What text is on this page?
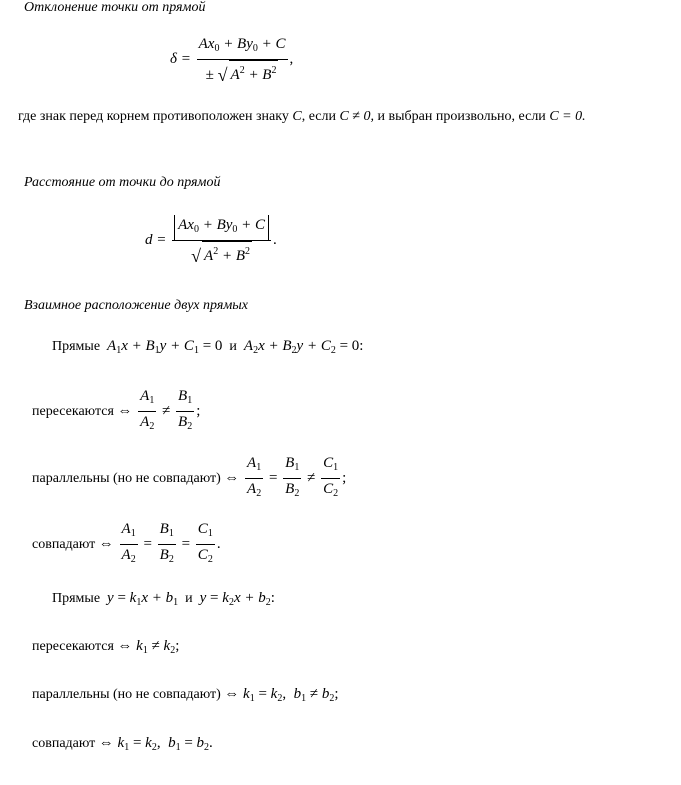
Отклонение точки от прямой
$\delta = \frac{Ax_0 + By_0 + C}{\pm √ A^2 + B^2}$ ,
где знак перед корнем противоположен знаку C, если C ≠ 0, и выбран произвольно, если C = 0.
Расстояние от точки до прямой
$d = \frac{Ax_0 + By_0 + C}{√ A^2 + B^2}$ .
Взаимное расположение двух прямых
Прямые $A_1x + B_1y + C_1 = 0$ и $A_2x + B_2y + C_2 = 0$:
пересекаются ⇔ $\frac{A_1}{A_2} \ne \frac{B_1}{B_2}$ ;
параллельны (но не совпадают) ⇔ $\frac{A_1}{A_2} = \frac{B_1}{B_2} \ne \frac{C_1}{C_2}$ ;
совпадают ⇔ $\frac{A_1}{A_2} = \frac{B_1}{B_2} = \frac{C_1}{C_2}$ .
Прямые $y = k_1x + b_1$ и $y = k_2x + b_2$:
пересекаются ⇔ $k_1 \ne k_2$;
параллельны (но не совпадают) ⇔ $k_1 = k_2$,  $b_1 \ne b_2$;
совпадают ⇔ $k_1 = k_2$,  $b_1 = b_2$.
